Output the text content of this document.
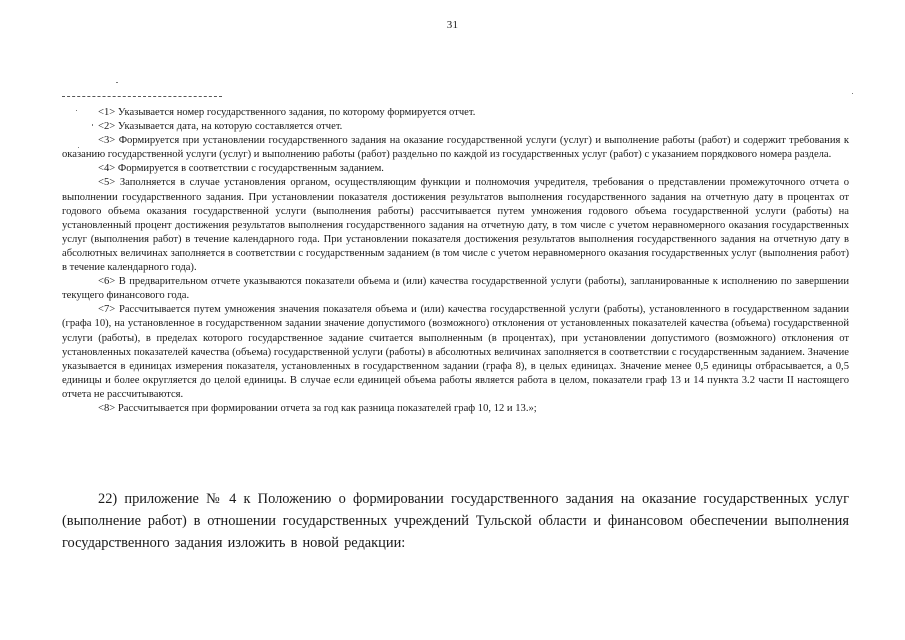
31

<1> Указывается номер государственного задания, по которому формируется отчет.

<2> Указывается дата, на которую составляется отчет.

<3> Формируется при установлении государственного задания на оказание государственной услуги (услуг) и выполнение работы (работ) и содержит требования к оказанию государственной услуги (услуг) и выполнению работы (работ) раздельно по каждой из государственных услуг (работ) с указанием порядкового номера раздела.

<4> Формируется в соответствии с государственным заданием.

<5> Заполняется в случае установления органом, осуществляющим функции и полномочия учредителя, требования о представлении промежуточного отчета о выполнении государственного задания. При установлении показателя достижения результатов выполнения государственного задания на отчетную дату в процентах от годового объема оказания государственной услуги (выполнения работы) рассчитывается путем умножения годового объема государственной услуги (работы) на установленный процент достижения результатов выполнения государственного задания на отчетную дату, в том числе с учетом неравномерного оказания государственных услуг (выполнения работ) в течение календарного года. При установлении показателя достижения результатов выполнения государственного задания на отчетную дату в абсолютных величинах заполняется в соответствии с государственным заданием (в том числе с учетом неравномерного оказания государственных услуг (выполнения работ) в течение календарного года).

<6> В предварительном отчете указываются показатели объема и (или) качества государственной услуги (работы), запланированные к исполнению по завершении текущего финансового года.

<7> Рассчитывается путем умножения значения показателя объема и (или) качества государственной услуги (работы), установленного в государственном задании (графа 10), на установленное в государственном задании значение допустимого (возможного) отклонения от установленных показателей качества (объема) государственной услуги (работы), в пределах которого государственное задание считается выполненным (в процентах), при установлении допустимого (возможного) отклонения от установленных показателей качества (объема) государственной услуги (работы) в абсолютных величинах заполняется в соответствии с государственным заданием. Значение указывается в единицах измерения показателя, установленных в государственном задании (графа 8), в целых единицах. Значение менее 0,5 единицы отбрасывается, а 0,5 единицы и более округляется до целой единицы. В случае если единицей объема работы является работа в целом, показатели граф 13 и 14 пункта 3.2 части II настоящего отчета не рассчитываются.

<8> Рассчитывается при формировании отчета за год как разница показателей граф 10, 12 и 13.»;

22) приложение № 4 к Положению о формировании государственного задания на оказание государственных услуг (выполнение работ) в отношении государственных учреждений Тульской области и финансовом обеспечении выполнения государственного задания изложить в новой редакции:
